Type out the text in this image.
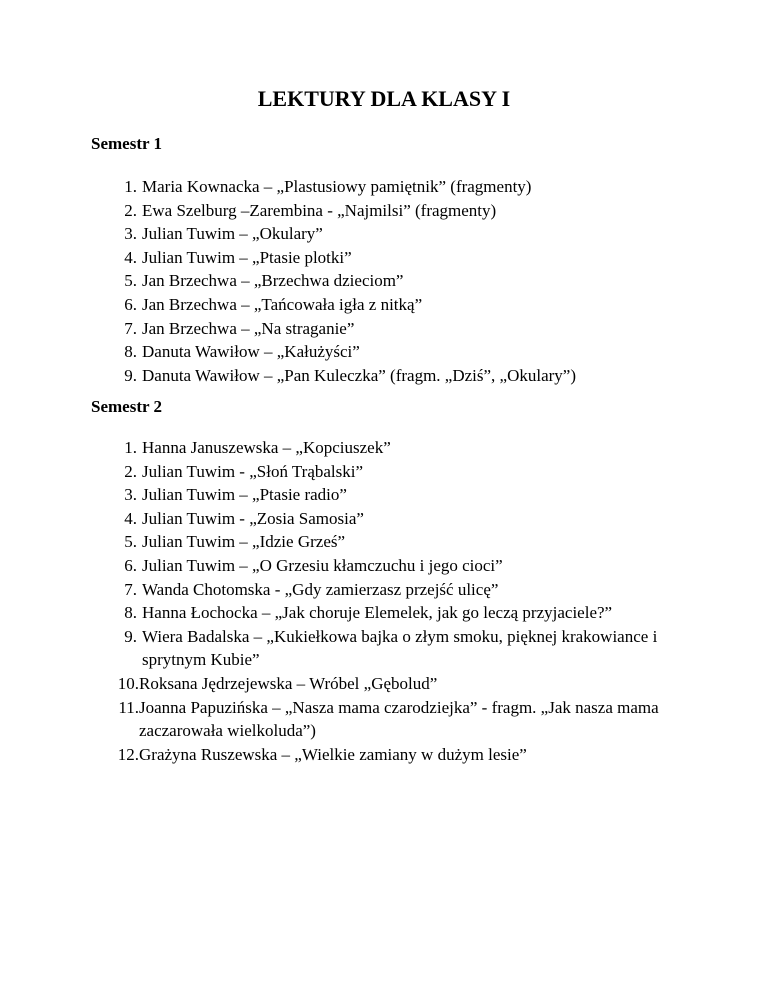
LEKTURY DLA KLASY I
Semestr 1
1. Maria Kownacka – „Plastusiowy pamiętnik” (fragmenty)
2. Ewa Szelburg –Zarembina - „Najmilsi” (fragmenty)
3. Julian Tuwim – „Okulary”
4. Julian Tuwim – „Ptasie plotki”
5. Jan Brzechwa – „Brzechwa dzieciom”
6. Jan Brzechwa – „Tańcowała igła z nitką”
7. Jan Brzechwa – „Na straganie”
8. Danuta Wawiłow – „Kałużyści”
9. Danuta Wawiłow – „Pan Kuleczka” (fragm. „Dziś”, „Okulary”)
Semestr 2
1. Hanna Januszewska – „Kopciuszek”
2. Julian Tuwim - „Słoń Trąbalski”
3. Julian Tuwim – „Ptasie radio”
4. Julian Tuwim - „Zosia Samosia”
5. Julian Tuwim – „Idzie Grześ”
6. Julian Tuwim – „O Grzesiu kłamczuchu i jego cioci”
7. Wanda Chotomska - „Gdy zamierzasz przejść ulicę”
8. Hanna Łochocka – „Jak choruje Elemelek, jak go leczą przyjaciele?”
9. Wiera Badalska – „Kukiełkowa bajka o złym smoku, pięknej krakowiance i sprytnym Kubie”
10. Roksana Jędrzejewska – Wróbel „Gębolud”
11. Joanna Papuzińska – „Nasza mama czarodziejka” - fragm. „Jak nasza mama zaczarowała wielkoluda”)
12. Grażyna Ruszewska – „Wielkie zamiany w dużym lesie”
